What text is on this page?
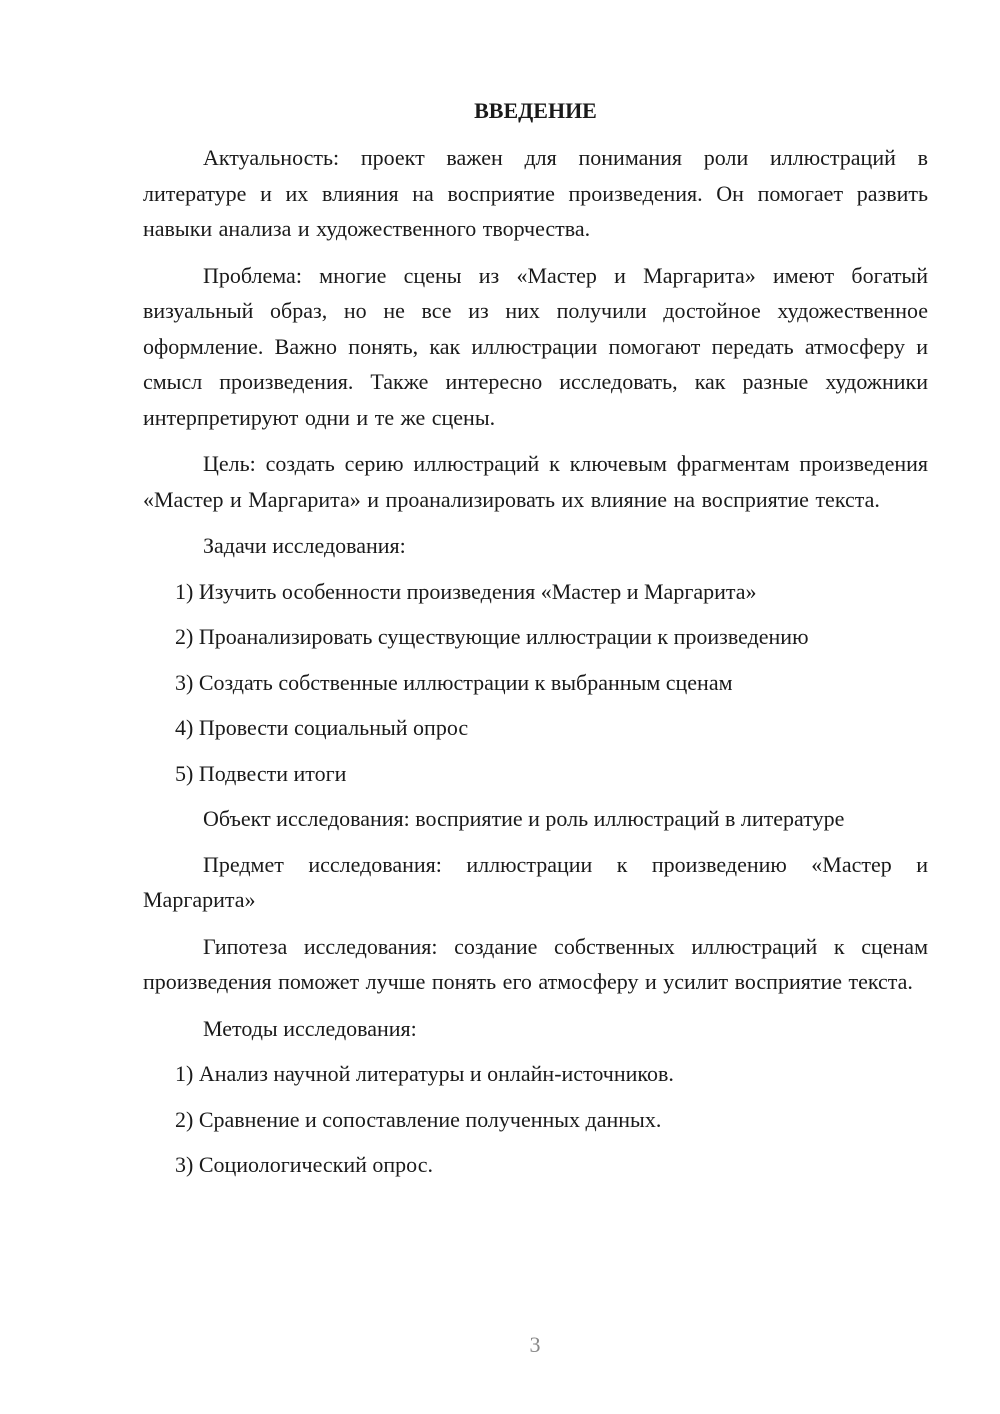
ВВЕДЕНИЕ

Актуальность: проект важен для понимания роли иллюстраций в литературе и их влияния на восприятие произведения. Он помогает развить навыки анализа и художественного творчества.

Проблема: многие сцены из «Мастер и Маргарита» имеют богатый визуальный образ, но не все из них получили достойное художественное оформление. Важно понять, как иллюстрации помогают передать атмосферу и смысл произведения. Также интересно исследовать, как разные художники интерпретируют одни и те же сцены.

Цель: создать серию иллюстраций к ключевым фрагментам произведения «Мастер и Маргарита» и проанализировать их влияние на восприятие текста.

Задачи исследования:
1) Изучить особенности произведения «Мастер и Маргарита»
2) Проанализировать существующие иллюстрации к произведению
3) Создать собственные иллюстрации к выбранным сценам
4) Провести социальный опрос
5) Подвести итоги
Объект исследования: восприятие и роль иллюстраций в литературе

Предмет исследования: иллюстрации к произведению «Мастер и Маргарита»

Гипотеза исследования: создание собственных иллюстраций к сценам произведения поможет лучше понять его атмосферу и усилит восприятие текста.

Методы исследования:
1) Анализ научной литературы и онлайн-источников.
2) Сравнение и сопоставление полученных данных.
3) Социологический опрос.
3
